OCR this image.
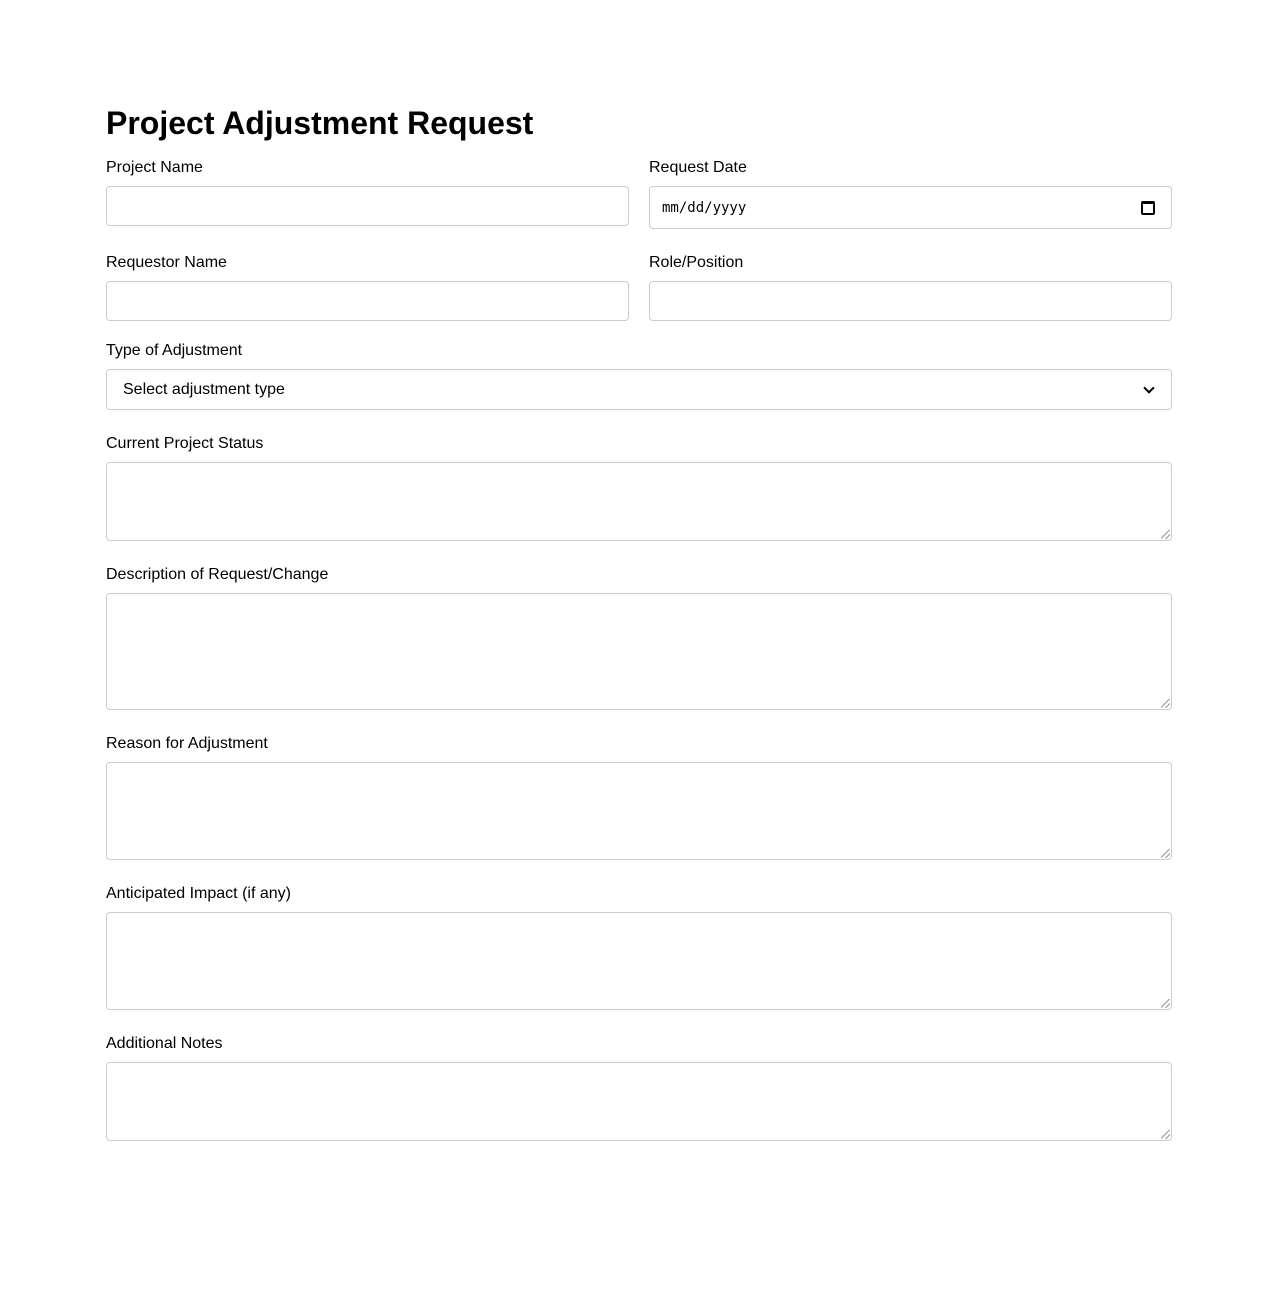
Project Adjustment Request
Project Name	Request Date
mm/dd/yyyy
Requestor Name	Role/Position
Type of Adjustment
Select adjustment type
Current Project Status
Description of Request/Change
Reason for Adjustment
Anticipated Impact (if any)
Additional Notes
